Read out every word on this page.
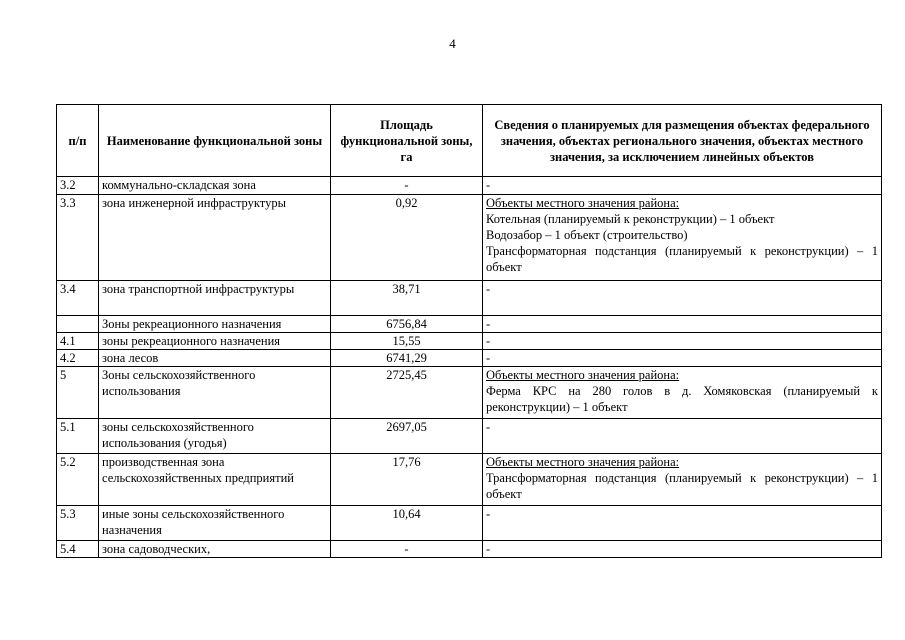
4
п/п	Наименование функциональной зоны	Площадь функциональной зоны, га	Сведения о планируемых для размещения объектах федерального значения, объектах регионального значения, объектах местного значения, за исключением линейных объектов
3.2	коммунально-складская зона	-	-

3.3	зона инженерной инфраструктуры	0,92	Объекты местного значения района:

Котельная (планируемый к реконструкции) – 1 объект

Водозабор – 1 объект (строительство)

Трансформаторная подстанция (планируемый к реконструкции) – 1 объект

3.4	зона транспортной инфраструктуры	38,71	-

	Зоны рекреационного назначения	6756,84	-

4.1	зоны рекреационного назначения	15,55	-

4.2	зона лесов	6741,29	-

5	Зоны сельскохозяйственного использования	2725,45	Объекты местного значения района:

Ферма КРС на 280 голов в д. Хомяковская (планируемый к реконструкции) – 1 объект

5.1	зоны сельскохозяйственного использования (угодья)	2697,05	-

5.2	производственная зона сельскохозяйственных предприятий	17,76	Объекты местного значения района:

Трансформаторная подстанция (планируемый к реконструкции) – 1 объект

5.3	иные зоны сельскохозяйственного назначения	10,64	-

5.4	зона садоводческих,	-	-
